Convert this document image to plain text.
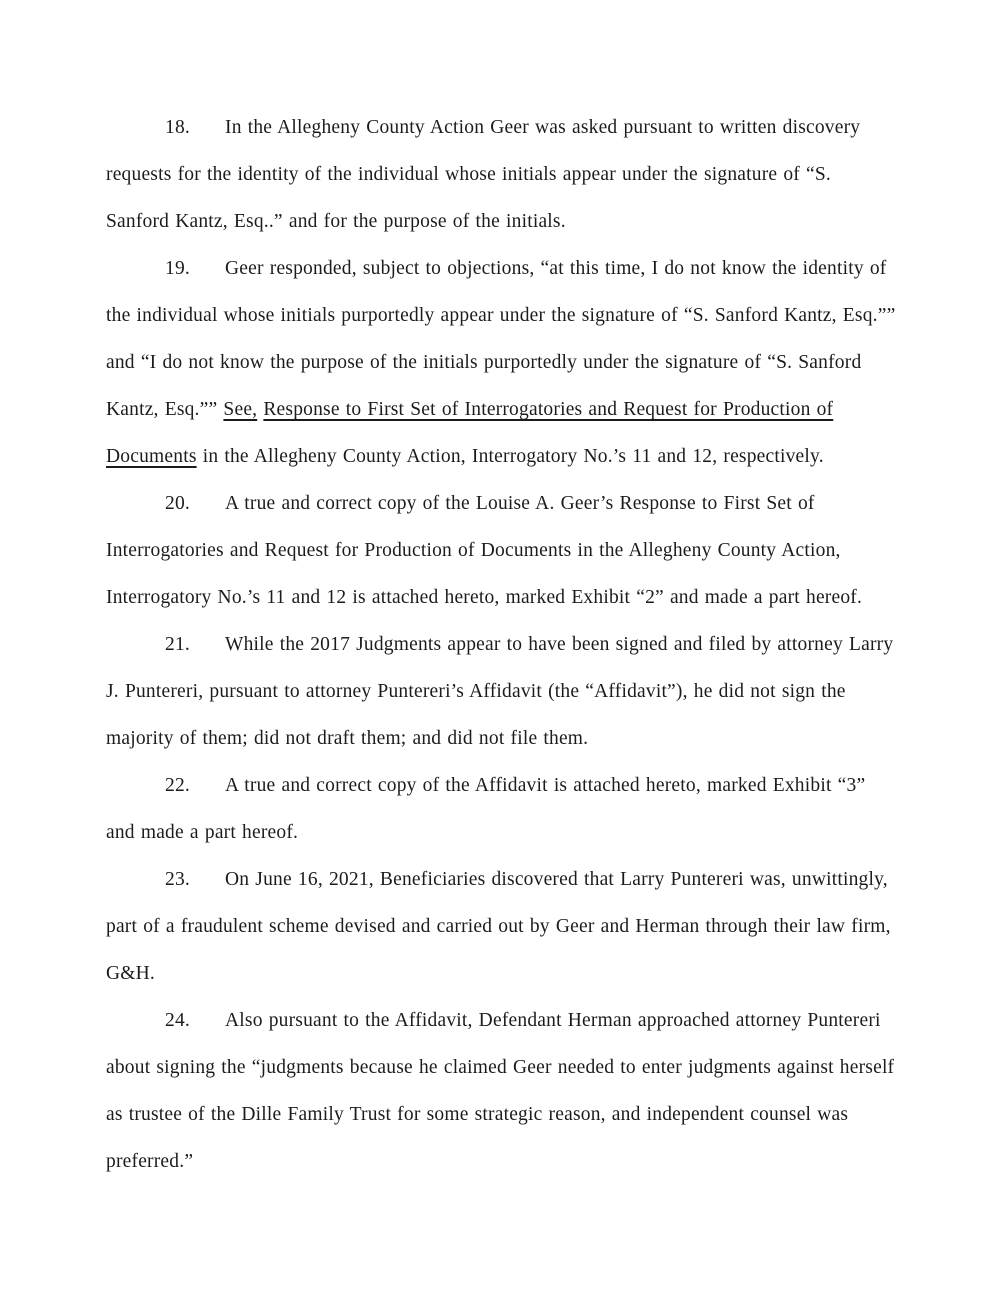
18. In the Allegheny County Action Geer was asked pursuant to written discovery requests for the identity of the individual whose initials appear under the signature of “S. Sanford Kantz, Esq..” and for the purpose of the initials.

19. Geer responded, subject to objections, “at this time, I do not know the identity of the individual whose initials purportedly appear under the signature of “S. Sanford Kantz, Esq.”” and “I do not know the purpose of the initials purportedly under the signature of “S. Sanford Kantz, Esq.”” See, Response to First Set of Interrogatories and Request for Production of Documents in the Allegheny County Action, Interrogatory No.’s 11 and 12, respectively.

20. A true and correct copy of the Louise A. Geer’s Response to First Set of Interrogatories and Request for Production of Documents in the Allegheny County Action, Interrogatory No.’s 11 and 12 is attached hereto, marked Exhibit “2” and made a part hereof.

21. While the 2017 Judgments appear to have been signed and filed by attorney Larry J. Puntereri, pursuant to attorney Puntereri’s Affidavit (the “Affidavit”), he did not sign the majority of them; did not draft them; and did not file them.

22. A true and correct copy of the Affidavit is attached hereto, marked Exhibit “3” and made a part hereof.

23. On June 16, 2021, Beneficiaries discovered that Larry Puntereri was, unwittingly, part of a fraudulent scheme devised and carried out by Geer and Herman through their law firm, G&H.

24. Also pursuant to the Affidavit, Defendant Herman approached attorney Puntereri about signing the “judgments because he claimed Geer needed to enter judgments against herself as trustee of the Dille Family Trust for some strategic reason, and independent counsel was preferred.”
